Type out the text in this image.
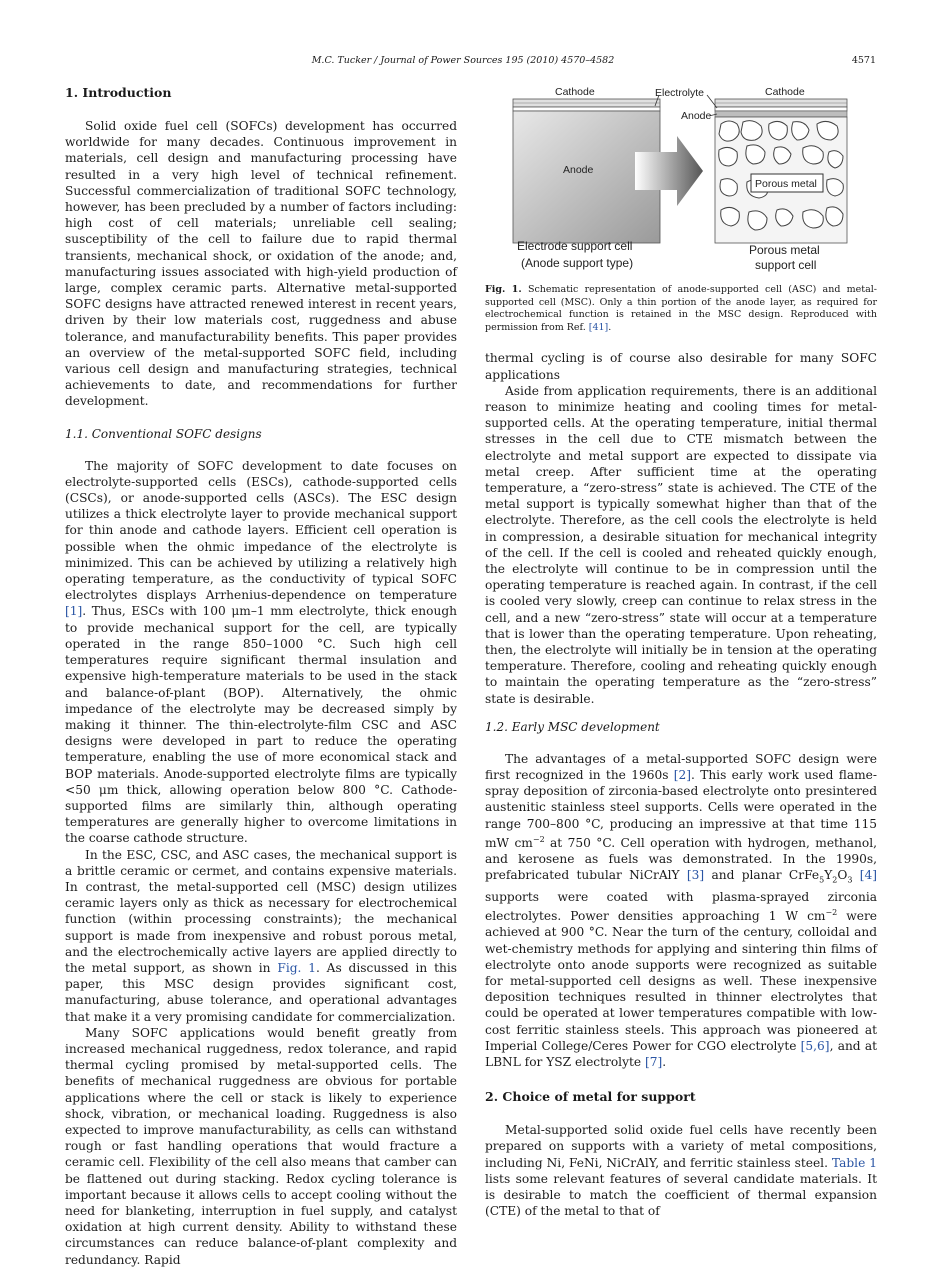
M.C. Tucker / Journal of Power Sources 195 (2010) 4570–4582	4571
1. Introduction

Solid oxide fuel cell (SOFCs) development has occurred worldwide for many decades. Continuous improvement in materials, cell design and manufacturing processing have resulted in a very high level of technical refinement. Successful commercialization of traditional SOFC technology, however, has been precluded by a number of factors including: high cost of cell materials; unreliable cell sealing; susceptibility of the cell to failure due to rapid thermal transients, mechanical shock, or oxidation of the anode; and, manufacturing issues associated with high-yield production of large, complex ceramic parts. Alternative metal-supported SOFC designs have attracted renewed interest in recent years, driven by their low materials cost, ruggedness and abuse tolerance, and manufacturability benefits. This paper provides an overview of the metal-supported SOFC field, including various cell design and manufacturing strategies, technical achievements to date, and recommendations for further development.

1.1. Conventional SOFC designs

The majority of SOFC development to date focuses on electrolyte-supported cells (ESCs), cathode-supported cells (CSCs), or anode-supported cells (ASCs). The ESC design utilizes a thick electrolyte layer to provide mechanical support for thin anode and cathode layers. Efficient cell operation is possible when the ohmic impedance of the electrolyte is minimized. This can be achieved by utilizing a relatively high operating temperature, as the conductivity of typical SOFC electrolytes displays Arrhenius-dependence on temperature [1]. Thus, ESCs with 100 μm–1 mm electrolyte, thick enough to provide mechanical support for the cell, are typically operated in the range 850–1000 °C. Such high cell temperatures require significant thermal insulation and expensive high-temperature materials to be used in the stack and balance-of-plant (BOP). Alternatively, the ohmic impedance of the electrolyte may be decreased simply by making it thinner. The thin-electrolyte-film CSC and ASC designs were developed in part to reduce the operating temperature, enabling the use of more economical stack and BOP materials. Anode-supported electrolyte films are typically <50 μm thick, allowing operation below 800 °C. Cathode-supported films are similarly thin, although operating temperatures are generally higher to overcome limitations in the coarse cathode structure.

In the ESC, CSC, and ASC cases, the mechanical support is a brittle ceramic or cermet, and contains expensive materials. In contrast, the metal-supported cell (MSC) design utilizes ceramic layers only as thick as necessary for electrochemical function (within processing constraints); the mechanical support is made from inexpensive and robust porous metal, and the electrochemically active layers are applied directly to the metal support, as shown in Fig. 1. As discussed in this paper, this MSC design provides significant cost, manufacturing, abuse tolerance, and operational advantages that make it a very promising candidate for commercialization.

Many SOFC applications would benefit greatly from increased mechanical ruggedness, redox tolerance, and rapid thermal cycling promised by metal-supported cells. The benefits of mechanical ruggedness are obvious for portable applications where the cell or stack is likely to experience shock, vibration, or mechanical loading. Ruggedness is also expected to improve manufacturability, as cells can withstand rough or fast handling operations that would fracture a ceramic cell. Flexibility of the cell also means that camber can be flattened out during stacking. Redox cycling tolerance is important because it allows cells to accept cooling without the need for blanketing, interruption in fuel supply, and catalyst oxidation at high current density. Ability to withstand these circumstances can reduce balance-of-plant complexity and redundancy. Rapid

Cathode	Electrolyte	Cathode
Anode
Anode
Porous metal
Electrode support cell
(Anode support type)
Porous metal
support cell
Fig. 1. Schematic representation of anode-supported cell (ASC) and metal-supported cell (MSC). Only a thin portion of the anode layer, as required for electrochemical function is retained in the MSC design. Reproduced with permission from Ref. [41].

thermal cycling is of course also desirable for many SOFC applications

Aside from application requirements, there is an additional reason to minimize heating and cooling times for metal-supported cells. At the operating temperature, initial thermal stresses in the cell due to CTE mismatch between the electrolyte and metal support are expected to dissipate via metal creep. After sufficient time at the operating temperature, a “zero-stress” state is achieved. The CTE of the metal support is typically somewhat higher than that of the electrolyte. Therefore, as the cell cools the electrolyte is held in compression, a desirable situation for mechanical integrity of the cell. If the cell is cooled and reheated quickly enough, the electrolyte will continue to be in compression until the operating temperature is reached again. In contrast, if the cell is cooled very slowly, creep can continue to relax stress in the cell, and a new “zero-stress” state will occur at a temperature that is lower than the operating temperature. Upon reheating, then, the electrolyte will initially be in tension at the operating temperature. Therefore, cooling and reheating quickly enough to maintain the operating temperature as the “zero-stress” state is desirable.

1.2. Early MSC development

The advantages of a metal-supported SOFC design were first recognized in the 1960s [2]. This early work used flame-spray deposition of zirconia-based electrolyte onto presintered austenitic stainless steel supports. Cells were operated in the range 700–800 °C, producing an impressive at that time 115 mW $cm^{-2}$ at 750 °C. Cell operation with hydrogen, methanol, and kerosene as fuels was demonstrated. In the 1990s, prefabricated tubular NiCrAlY [3] and planar $CrFe_5Y_2O_3$ [4] supports were coated with plasma-sprayed zirconia electrolytes. Power densities approaching 1 W $cm^{-2}$ were achieved at 900 °C. Near the turn of the century, colloidal and wet-chemistry methods for applying and sintering thin films of electrolyte onto anode supports were recognized as suitable for metal-supported cell designs as well. These inexpensive deposition techniques resulted in thinner electrolytes that could be operated at lower temperatures compatible with low-cost ferritic stainless steels. This approach was pioneered at Imperial College/Ceres Power for CGO electrolyte [5,6], and at LBNL for YSZ electrolyte [7].

2. Choice of metal for support

Metal-supported solid oxide fuel cells have recently been prepared on supports with a variety of metal compositions, including Ni, FeNi, NiCrAlY, and ferritic stainless steel. Table 1 lists some relevant features of several candidate materials. It is desirable to match the coefficient of thermal expansion (CTE) of the metal to that of
